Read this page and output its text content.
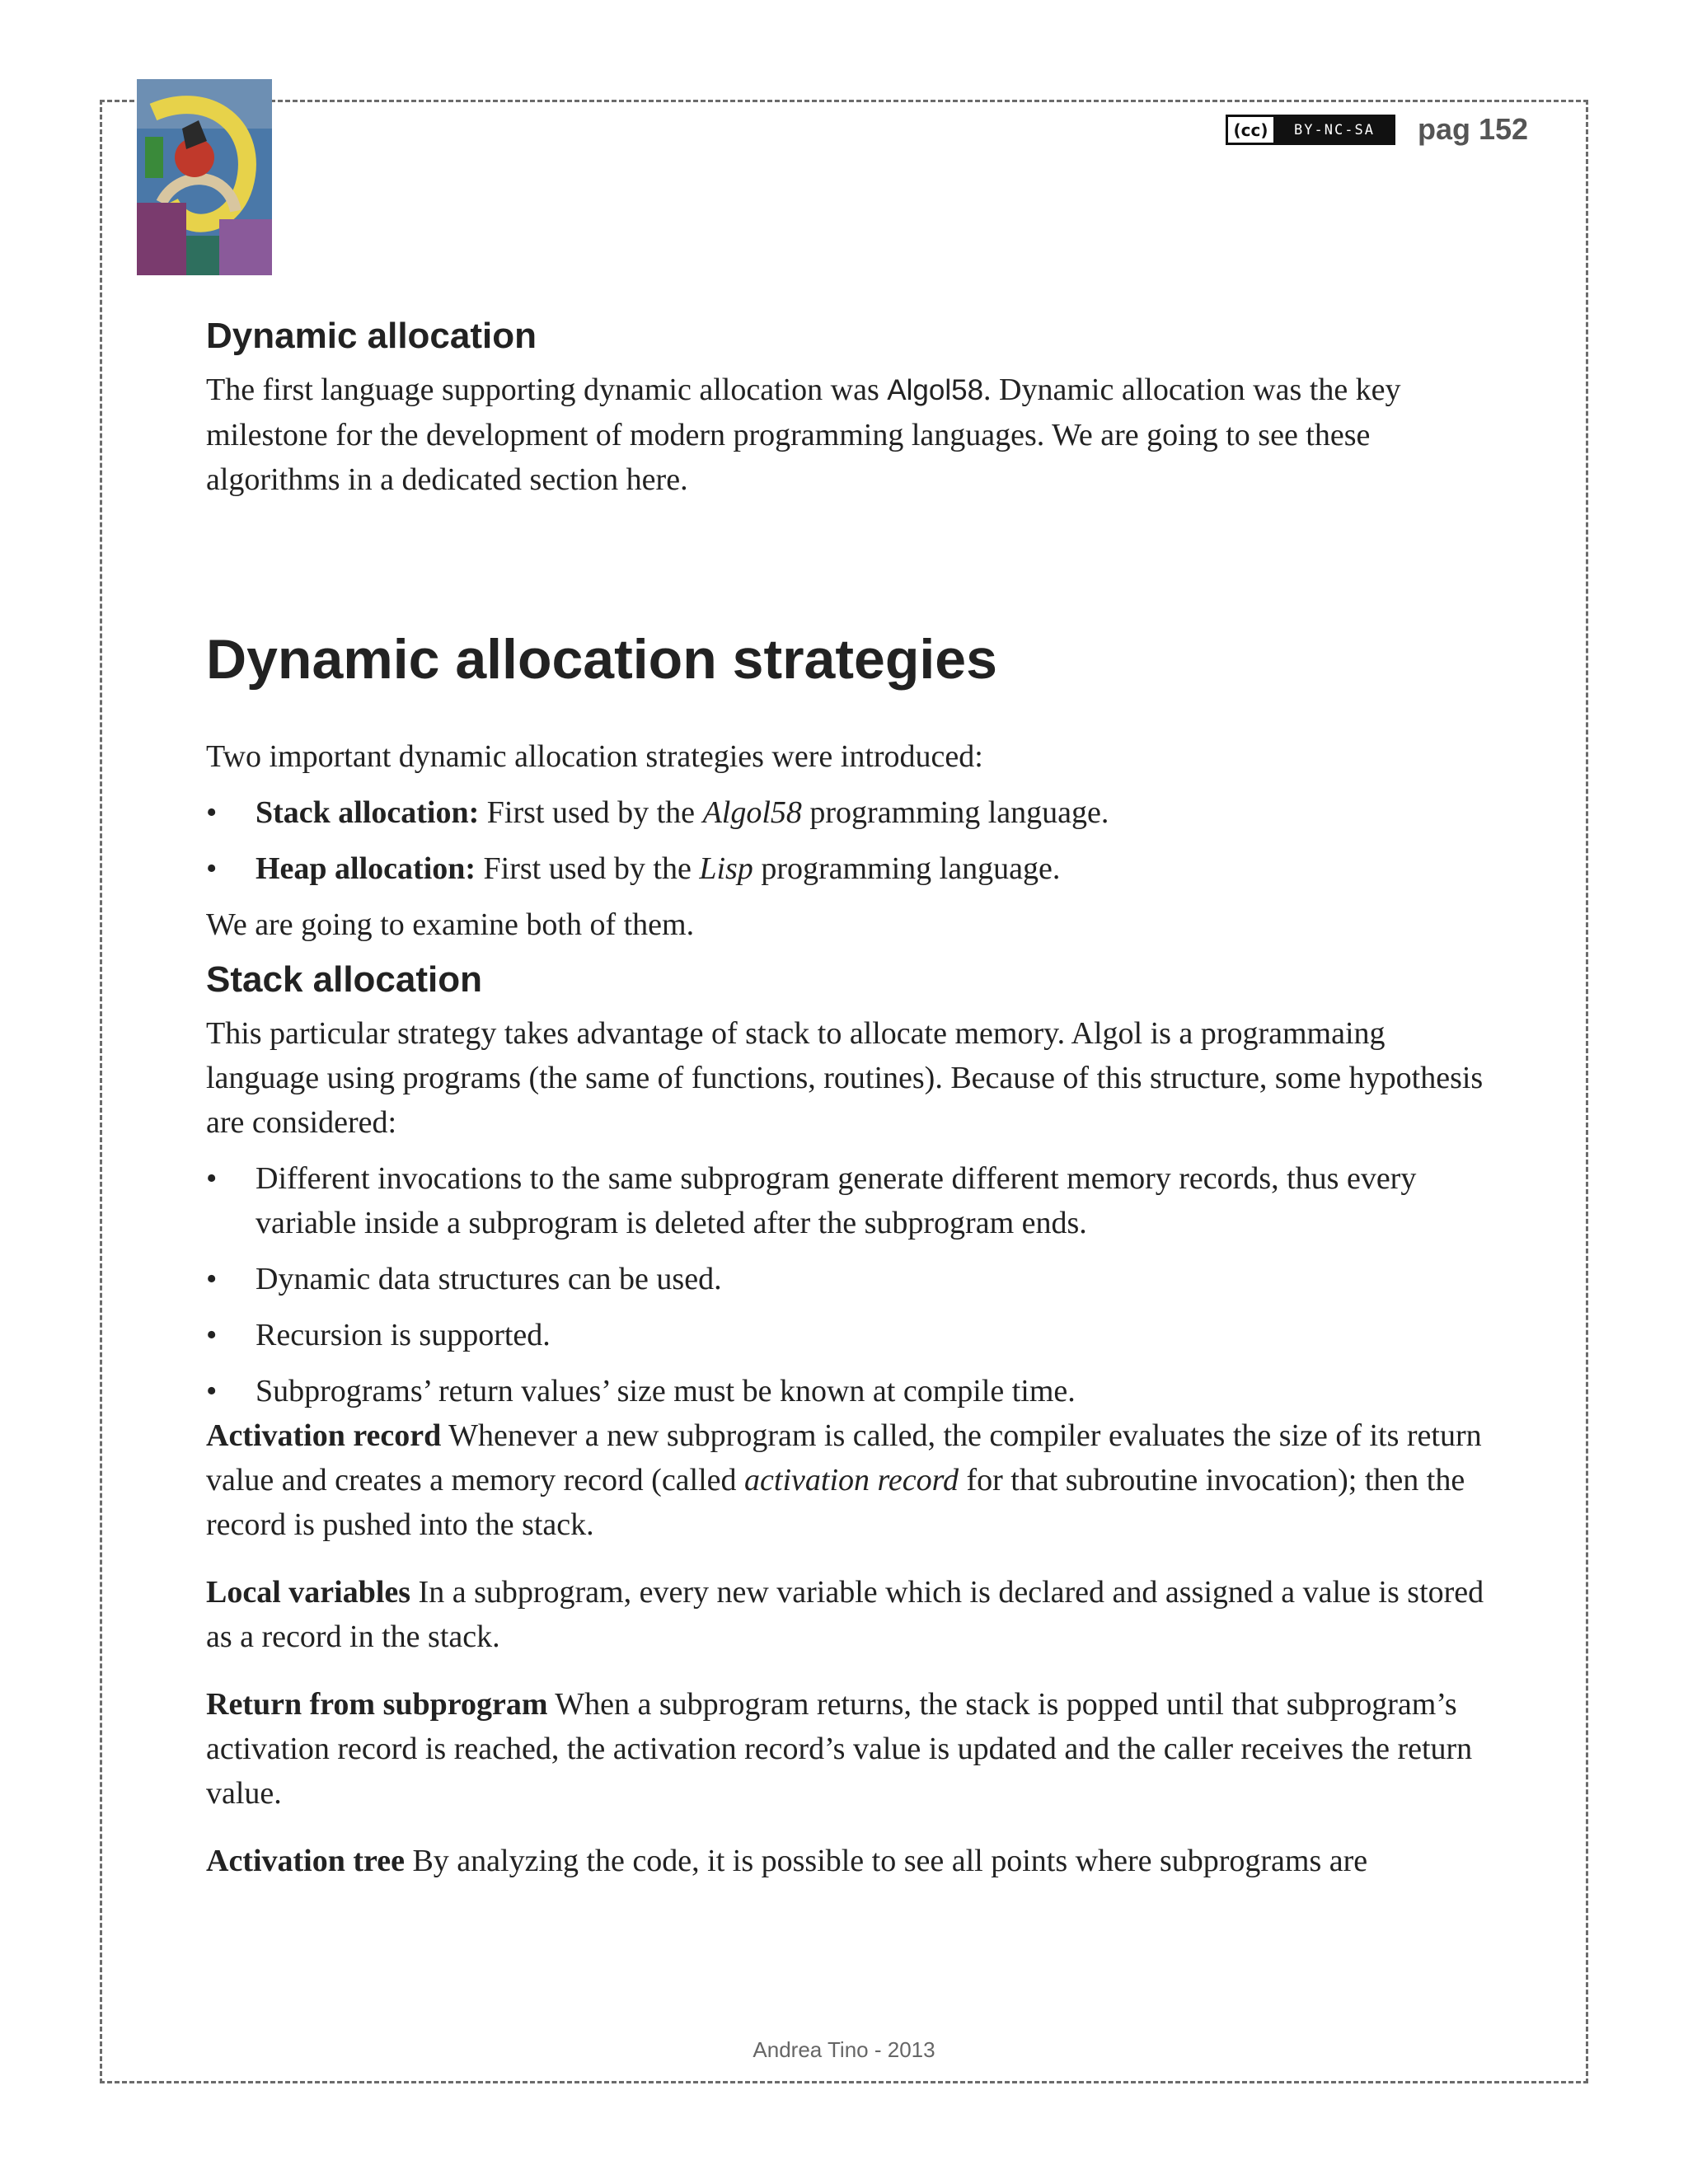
(cc)	BY-NC-SA	pag 152
Dynamic allocation

The first language supporting dynamic allocation was Algol58. Dynamic allocation was the key milestone for the development of modern programming languages. We are going to see these algorithms in a dedicated section here.

Dynamic allocation strategies

Two important dynamic allocation strategies were introduced:

• Stack allocation: First used by the Algol58 programming language.
• Heap allocation: First used by the Lisp programming language.

We are going to examine both of them.

Stack allocation

This particular strategy takes advantage of stack to allocate memory. Algol is a programmaing language using programs (the same of functions, routines). Because of this structure, some hypothesis are considered:

• Different invocations to the same subprogram generate different memory records, thus every variable inside a subprogram is deleted after the subprogram ends.
• Dynamic data structures can be used.
• Recursion is supported.
• Subprograms’ return values’ size must be known at compile time.

Activation record Whenever a new subprogram is called, the compiler evaluates the size of its return value and creates a memory record (called activation record for that subroutine invocation); then the record is pushed into the stack.

Local variables In a subprogram, every new variable which is declared and assigned a value is stored as a record in the stack.

Return from subprogram When a subprogram returns, the stack is popped until that subprogram’s activation record is reached, the activation record’s value is updated and the caller receives the return value.

Activation tree By analyzing the code, it is possible to see all points where subprograms are

Andrea Tino - 2013
